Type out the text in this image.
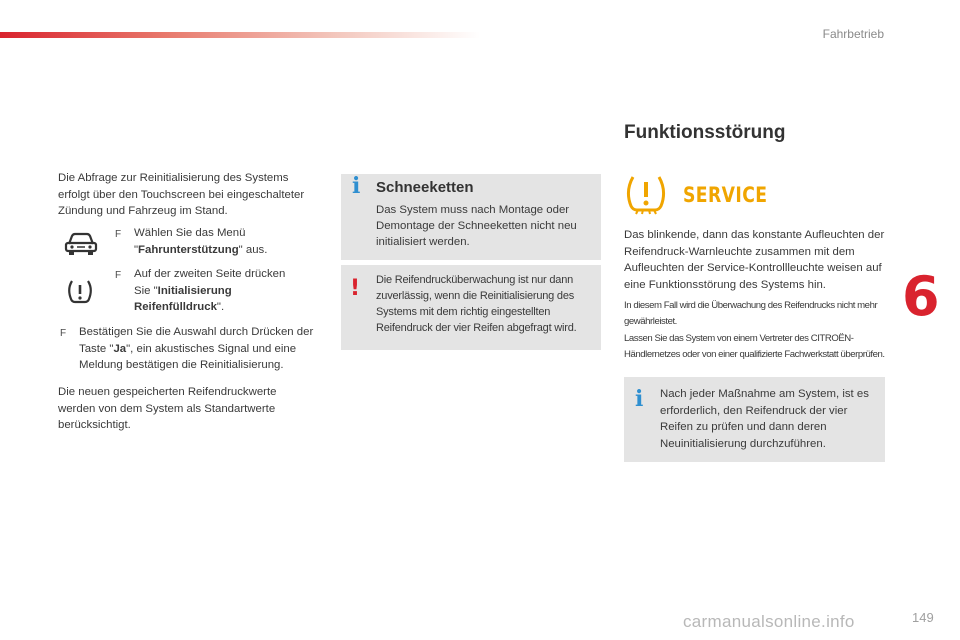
Fahrbetrieb

Die Abfrage zur Reinitialisierung des Systems erfolgt über den Touchscreen bei eingeschalteter Zündung und Fahrzeug im Stand.

F Wählen Sie das Menü "Fahrunterstützung" aus.

F Auf der zweiten Seite drücken Sie "Initialisierung Reifenfülldruck".

F Bestätigen Sie die Auswahl durch Drücken der Taste "Ja", ein akustisches Signal und eine Meldung bestätigen die Reinitialisierung.

Die neuen gespeicherten Reifendruckwerte werden von dem System als Standartwerte berücksichtigt.

i Schneeketten

Das System muss nach Montage oder Demontage der Schneeketten nicht neu initialisiert werden.

! Die Reifendrucküberwachung ist nur dann zuverlässig, wenn die Reinitialisierung des Systems mit dem richtig eingestellten Reifendruck der vier Reifen abgefragt wird.

Funktionsstörung
SERVICE

Das blinkende, dann das konstante Aufleuchten der Reifendruck-Warnleuchte zusammen mit dem Aufleuchten der Service-Kontrollleuchte weisen auf eine Funktionsstörung des Systems hin.

In diesem Fall wird die Überwachung des Reifendrucks nicht mehr gewährleistet.

Lassen Sie das System von einem Vertreter des CITROËN-Händlernetzes oder von einer qualifizierte Fachwerkstatt überprüfen.

i Nach jeder Maßnahme am System, ist es erforderlich, den Reifendruck der vier Reifen zu prüfen und dann deren Neuinitialisierung durchzuführen.

6
carmanualsonline.info	149
